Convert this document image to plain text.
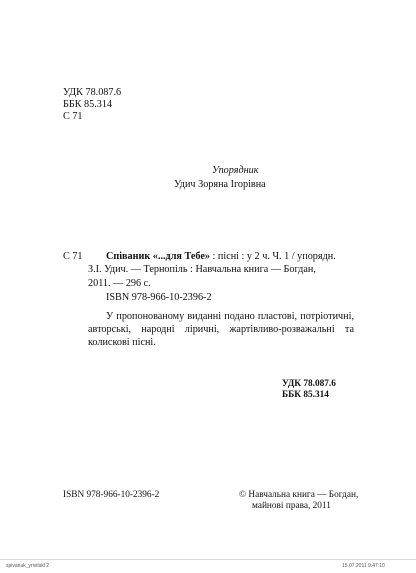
УДК 78.087.6
ББК 85.314
С 71
Упорядник
Удич Зоряна Ігорівна
С 71 Співаник «...для Тебе» : пісні : у 2 ч. Ч. 1 / упорядн.
З.І. Удич. — Тернопіль : Навчальна книга — Богдан,
2011. — 296 с.
ISBN 978-966-10-2396-2
У пропонованому виданні подано пластові, потріотичні,
авторські, народні ліричні, жартівливо-розважальні та
колискові пісні.
УДК 78.087.6
ББК 85.314
ISBN 978-966-10-2396-2	© Навчальна книга — Богдан,
майнові права, 2011
spivanuk_yrivitskl 2	15.07.2011 9:47:10
